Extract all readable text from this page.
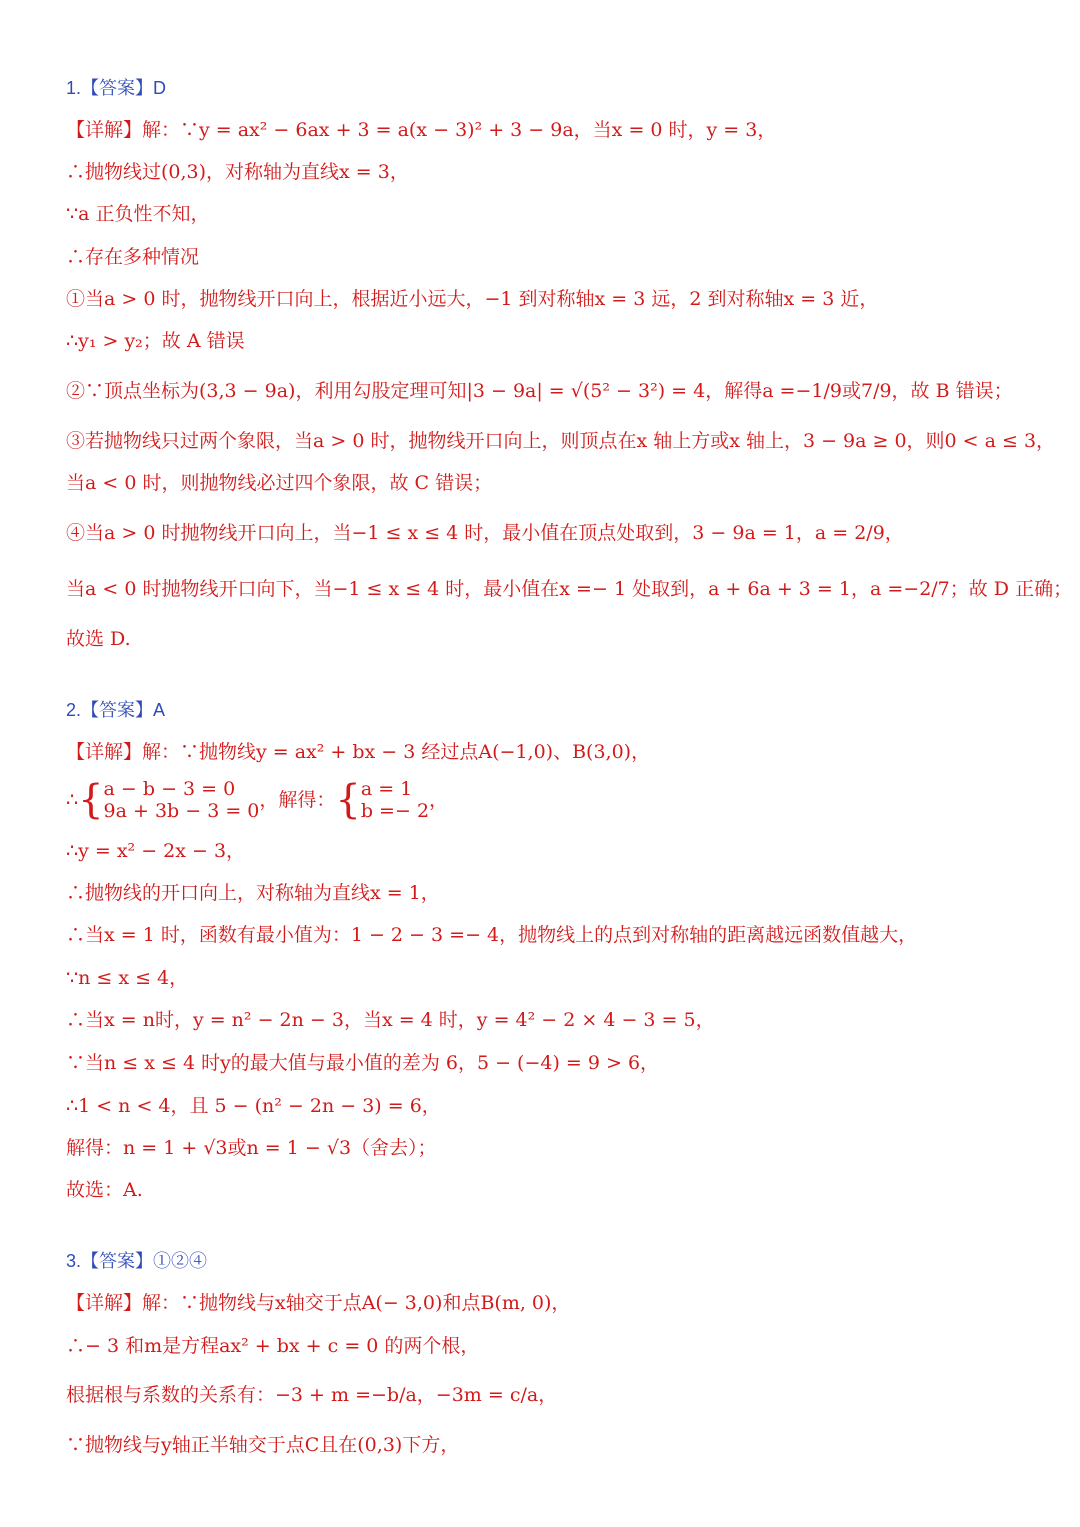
1.【答案】D
【详解】解：∵y = ax² − 6ax + 3 = a(x − 3)² + 3 − 9a，当x = 0 时，y = 3，
∴抛物线过(0,3)，对称轴为直线x = 3，
∵a 正负性不知，
∴存在多种情况
①当a > 0 时，抛物线开口向上，根据近小远大，−1 到对称轴x = 3 远，2 到对称轴x = 3 近，
∴y₁ > y₂；故 A 错误
②∵顶点坐标为(3,3 − 9a)，利用勾股定理可知|3 − 9a| = √(5² − 3²) = 4，解得a =−1/9或7/9，故 B 错误；
③若抛物线只过两个象限，当a > 0 时，抛物线开口向上，则顶点在x 轴上方或x 轴上，3 − 9a ≥ 0，则0 < a ≤ 3，
当a < 0 时，则抛物线必过四个象限，故 C 错误；
④当a > 0 时抛物线开口向上，当−1 ≤ x ≤ 4 时，最小值在顶点处取到，3 − 9a = 1，a = 2/9，
当a < 0 时抛物线开口向下，当−1 ≤ x ≤ 4 时，最小值在x =− 1 处取到，a + 6a + 3 = 1，a =−2/7；故 D 正确；
故选 D.
2.【答案】A
【详解】解：∵抛物线y = ax² + bx − 3 经过点A(−1,0)、B(3,0)，
∴{ a − b − 3 = 0
9a + 3b − 3 = 0 ，解得：{ a = 1
b =− 2 ，
∴y = x² − 2x − 3，
∴抛物线的开口向上，对称轴为直线x = 1，
∴当x = 1 时，函数有最小值为：1 − 2 − 3 =− 4，抛物线上的点到对称轴的距离越远函数值越大，
∵n ≤ x ≤ 4，
∴当x = n时，y = n² − 2n − 3，当x = 4 时，y = 4² − 2 × 4 − 3 = 5，
∵当n ≤ x ≤ 4 时y的最大值与最小值的差为 6，5 − (−4) = 9 > 6，
∴1 < n < 4，且 5 − (n² − 2n − 3) = 6，
解得：n = 1 + √3或n = 1 − √3（舍去）；
故选：A.
3.【答案】①②④
【详解】解：∵抛物线与x轴交于点A(− 3,0)和点B(m, 0)，
∴− 3 和m是方程ax² + bx + c = 0 的两个根，
根据根与系数的关系有：−3 + m =−b/a，−3m = c/a，
∵抛物线与y轴正半轴交于点C且在(0,3)下方，
